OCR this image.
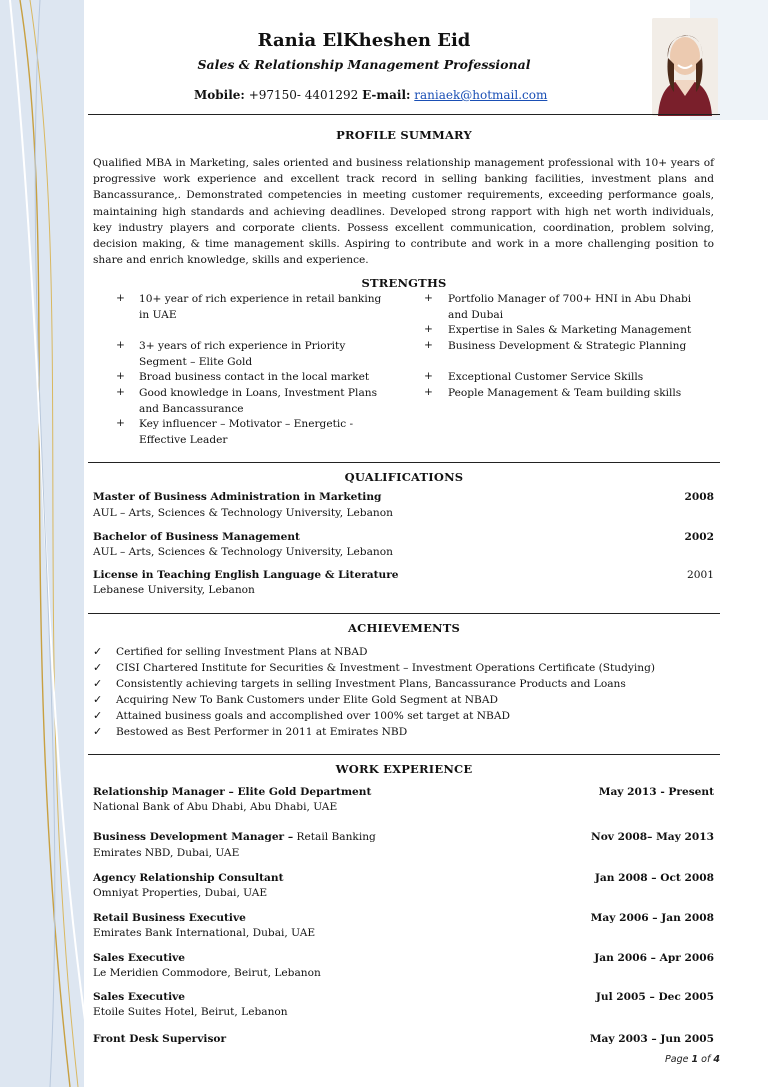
Rania ElKheshen Eid
Sales & Relationship Management Professional
Mobile: +97150- 4401292 E-mail: raniaek@hotmail.com
PROFILE SUMMARY
Qualified MBA in Marketing, sales oriented and business relationship management professional with 10+ years of progressive work experience and excellent track record in selling banking facilities, investment plans and Bancassurance,. Demonstrated competencies in meeting customer requirements, exceeding performance goals, maintaining high standards and achieving deadlines. Developed strong rapport with high net worth individuals, key industry players and corporate clients. Possess excellent communication, coordination, problem solving, decision making, & time management skills. Aspiring to contribute and work in a more challenging position to share and enrich knowledge, skills and experience.
STRENGTHS
+ 10+ year of rich experience in retail banking in UAE
+ 3+ years of rich experience in Priority Segment – Elite Gold
+ Broad business contact in the local market
+ Good knowledge in Loans, Investment Plans and Bancassurance
+ Key influencer – Motivator – Energetic - Effective Leader
+ Portfolio Manager of 700+ HNI in Abu Dhabi and Dubai
+ Expertise in Sales & Marketing Management
+ Business Development & Strategic Planning
+ Exceptional Customer Service Skills
+ People Management & Team building skills
QUALIFICATIONS
Master of Business Administration in Marketing	2008
AUL – Arts, Sciences & Technology University, Lebanon
Bachelor of Business Management	2002
AUL – Arts, Sciences & Technology University, Lebanon
License in Teaching English Language & Literature	2001
Lebanese University, Lebanon
ACHIEVEMENTS
✓ Certified for selling Investment Plans at NBAD
✓ CISI Chartered Institute for Securities & Investment – Investment Operations Certificate (Studying)
✓ Consistently achieving targets in selling Investment Plans, Bancassurance Products and Loans
✓ Acquiring New To Bank Customers under Elite Gold Segment at NBAD
✓ Attained business goals and accomplished over 100% set target at NBAD
✓ Bestowed as Best Performer in 2011 at Emirates NBD
WORK EXPERIENCE
Relationship Manager – Elite Gold Department	May 2013 - Present
National Bank of Abu Dhabi, Abu Dhabi, UAE
Business Development Manager – Retail Banking	Nov 2008– May 2013
Emirates NBD, Dubai, UAE
Agency Relationship Consultant	Jan 2008 – Oct 2008
Omniyat Properties, Dubai, UAE
Retail Business Executive	May 2006 – Jan 2008
Emirates Bank International, Dubai, UAE
Sales Executive	Jan 2006 – Apr 2006
Le Meridien Commodore, Beirut, Lebanon
Sales Executive	Jul 2005 – Dec 2005
Etoile Suites Hotel, Beirut, Lebanon
Front Desk Supervisor	May 2003 – Jun 2005
Page 1 of 4
